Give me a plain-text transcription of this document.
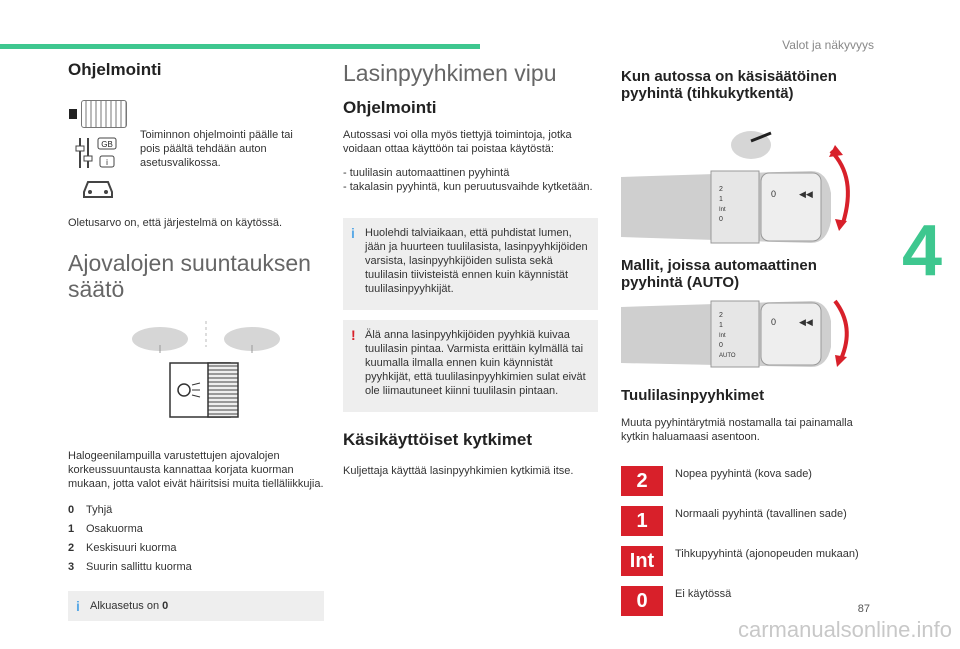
Valot ja näkyvyys
4
87
carmanualsonline.info
Ohjelmointi
GB
i

Toiminnon ohjelmointi päälle tai pois päältä tehdään auton asetusvalikossa.

Oletusarvo on, että järjestelmä on käytössä.

Ajovalojen suuntauksen säätö

Halogeenilampuilla varustettujen ajovalojen korkeussuuntausta kannattaa korjata kuorman mukaan, jotta valot eivät häiritsisi muita tielläliikkujia.

0 Tyhjä
1 Osakuorma
2 Keskisuuri kuorma
3 Suurin sallittu kuorma
i Alkuasetus on 0
Lasinpyyhkimen vipu
Ohjelmointi

Autossasi voi olla myös tiettyjä toimintoja, jotka voidaan ottaa käyttöön tai poistaa käytöstä:

- tuulilasin automaattinen pyyhintä

- takalasin pyyhintä, kun peruutusvaihde kytketään.

i Huolehdi talviaikaan, että puhdistat lumen, jään ja huurteen tuulilasista, lasinpyyhkijöiden varsista, lasinpyyhkijöiden sulista sekä tuulilasin tiivisteistä ennen kuin käynnistät tuulilasinpyyhkijät.
! Älä anna lasinpyyhkijöiden pyyhkiä kuivaa tuulilasin pintaa. Varmista erittäin kylmällä tai kuumalla ilmalla ennen kuin käynnistät pyyhkijät, että tuulilasinpyyhkimien sulat eivät ole liimautuneet kiinni tuulilasin pintaan.
Käsikäyttöiset kytkimet

Kuljettaja käyttää lasinpyyhkimien kytkimiä itse.

Kun autossa on käsisäätöinen pyyhintä (tihkukytkentä)
2
1
Int
0
0	◀◀
Mallit, joissa automaattinen pyyhintä (AUTO)
2
1
Int
0
AUTO
0	◀◀
Tuulilasinpyyhkimet

Muuta pyyhintärytmiä nostamalla tai painamalla kytkin haluamaasi asentoon.

2	Nopea pyyhintä (kova sade)
1	Normaali pyyhintä (tavallinen sade)
Int	Tihkupyyhintä (ajonopeuden mukaan)
0	Ei käytössä
